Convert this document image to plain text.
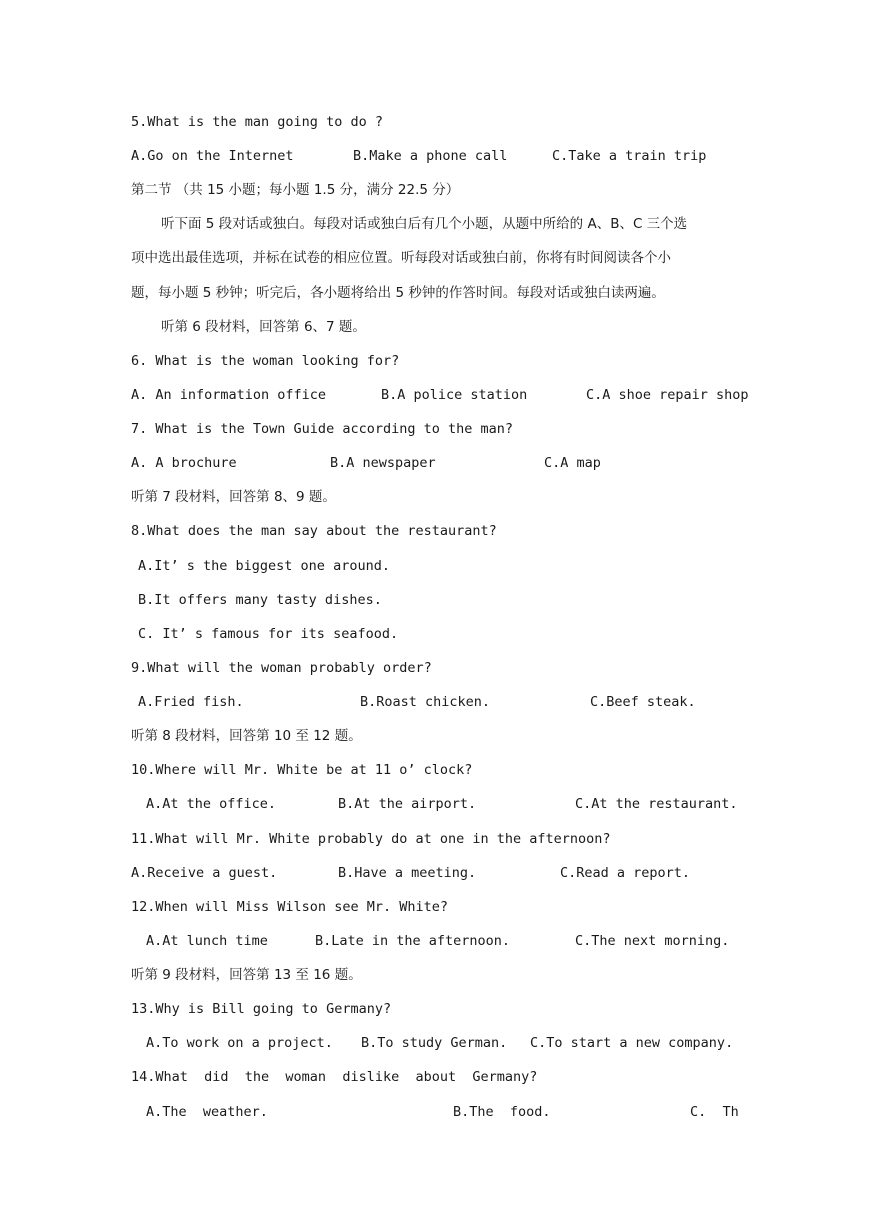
5.What is the man going to do ?
A.Go on the Internet	B.Make a phone call	C.Take a train trip
第二节 （共 15 小题；每小题 1.5 分，满分 22.5 分）
听下面 5 段对话或独白。每段对话或独白后有几个小题，从题中所给的 A、B、C 三个选
项中选出最佳选项，并标在试卷的相应位置。听每段对话或独白前，你将有时间阅读各个小
题，每小题 5 秒钟；听完后，各小题将给出 5 秒钟的作答时间。每段对话或独白读两遍。
听第 6 段材料，回答第 6、7 题。
6. What is the woman looking for?
A. An information office	B.A police station	C.A shoe repair shop
7. What is the Town Guide according to the man?
A. A brochure	B.A newspaper	C.A map
听第 7 段材料，回答第 8、9 题。
8.What does the man say about the restaurant?
A.It’ s the biggest one around.
B.It offers many tasty dishes.
C. It’ s famous for its seafood.
9.What will the woman probably order?
A.Fried fish.	B.Roast chicken.	C.Beef steak.
听第 8 段材料，回答第 10 至 12 题。
10.Where will Mr. White be at 11 o’ clock?
A.At the office.	B.At the airport.	C.At the restaurant.
11.What will Mr. White probably do at one in the afternoon?
A.Receive a guest.	B.Have a meeting.	C.Read a report.
12.When will Miss Wilson see Mr. White?
A.At lunch time	B.Late in the afternoon.	C.The next morning.
听第 9 段材料，回答第 13 至 16 题。
13.Why is Bill going to Germany?
A.To work on a project. B.To study German. C.To start a new company.
14.What  did  the  woman  dislike  about  Germany?
A.The  weather.	B.The  food.	C.  Th
